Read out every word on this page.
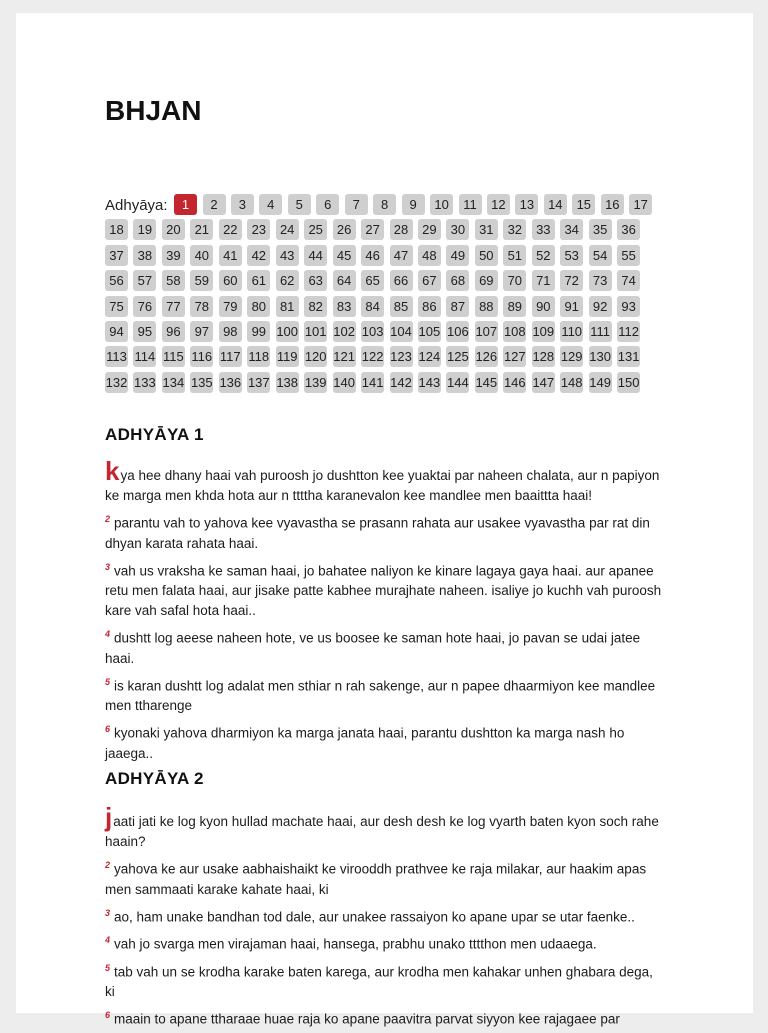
BHJAN
Adhyāya:	1	2	3	4	5	6	7	8	9	10	11	12	13	14	15	16	17
18	19	20	21	22	23	24	25	26	27	28	29	30	31	32	33	34	35	36
37	38	39	40	41	42	43	44	45	46	47	48	49	50	51	52	53	54	55
56	57	58	59	60	61	62	63	64	65	66	67	68	69	70	71	72	73	74
75	76	77	78	79	80	81	82	83	84	85	86	87	88	89	90	91	92	93
94	95	96	97	98	99 100 101 102 103 104 105 106 107 108 109 110 111 112
113 114 115 116 117 118 119 120 121 122 123 124 125 126 127 128 129 130 131
132 133 134 135 136 137 138 139 140 141 142 143 144 145 146 147 148 149 150
ADHYĀYA 1

kya hee dhany haai vah puroosh jo dushtton kee yuaktai par naheen chalata, aur n papiyon ke marga men khda hota aur n ttttha karanevalon kee mandlee men baaittta haai!

$^2$ parantu vah to yahova kee vyavastha se prasann rahata aur usakee vyavastha par rat din dhyan karata rahata haai.

$^3$ vah us vraksha ke saman haai, jo bahatee naliyon ke kinare lagaya gaya haai. aur apanee retu men falata haai, aur jisake patte kabhee murajhate naheen. isaliye jo kuchh vah puroosh kare vah safal hota haai..

$^4$ dushtt log aeese naheen hote, ve us boosee ke saman hote haai, jo pavan se udai jatee haai.

$^5$ is karan dushtt log adalat men sthiar n rah sakenge, aur n papee dhaarmiyon kee mandlee men ttharenge

$^6$ kyonaki yahova dharmiyon ka marga janata haai, parantu dushtton ka marga nash ho jaaega..

ADHYĀYA 2

jaati jati ke log kyon hullad machate haai, aur desh desh ke log vyarth baten kyon soch rahe haain?

$^2$ yahova ke aur usake aabhaishaikt ke virooddh prathvee ke raja milakar, aur haakim apas men sammaati karake kahate haai, ki

$^3$ ao, ham unake bandhan tod dale, aur unakee rassaiyon ko apane upar se utar faenke..

$^4$ vah jo svarga men virajaman haai, hansega, prabhu unako tttthon men udaaega.

$^5$ tab vah un se krodha karake baten karega, aur krodha men kahakar unhen ghabara dega, ki

$^6$ maain to apane ttharaae huae raja ko apane paavitra parvat siyyon kee rajagaee par
